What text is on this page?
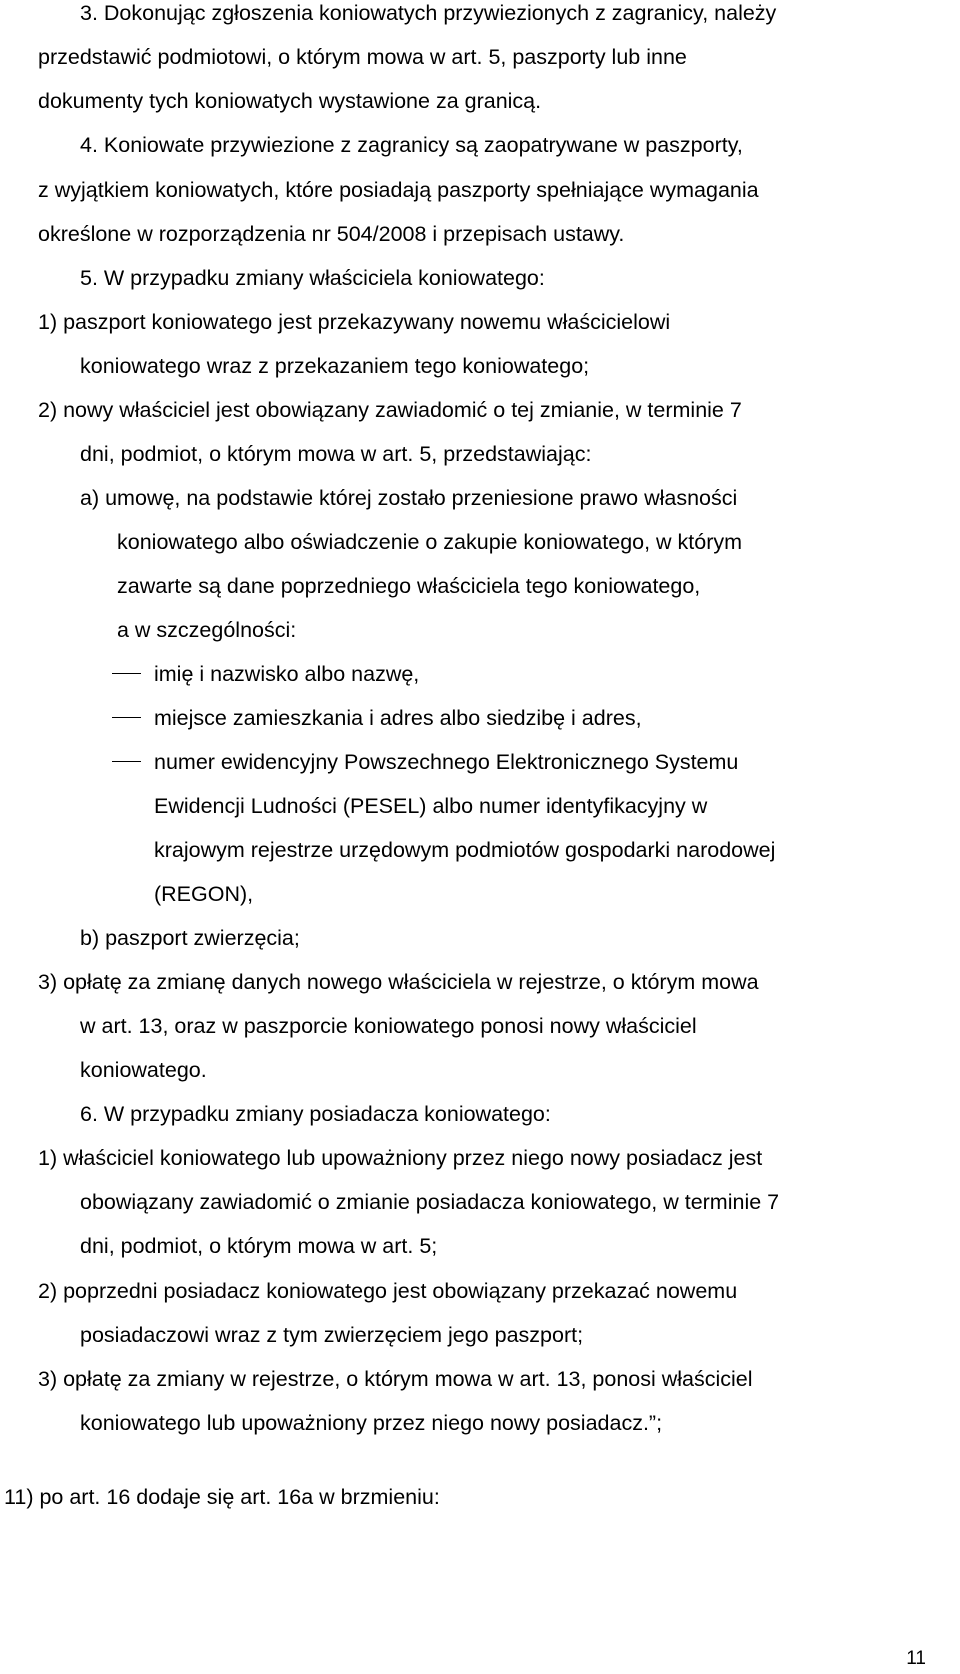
3. Dokonując zgłoszenia koniowatych przywiezionych z zagranicy, należy
przedstawić podmiotowi, o którym mowa w art. 5, paszporty lub inne
dokumenty tych koniowatych wystawione za granicą.
4. Koniowate przywiezione z zagranicy są zaopatrywane w paszporty,
z wyjątkiem koniowatych, które posiadają paszporty spełniające wymagania
określone w rozporządzenia nr 504/2008 i przepisach ustawy.
5. W przypadku zmiany właściciela koniowatego:
1) paszport koniowatego jest przekazywany nowemu właścicielowi
koniowatego wraz z przekazaniem tego koniowatego;
2) nowy właściciel jest obowiązany zawiadomić o tej zmianie, w terminie 7
dni, podmiot, o którym mowa w art. 5, przedstawiając:
a) umowę, na podstawie której zostało przeniesione prawo własności
koniowatego albo oświadczenie o zakupie koniowatego, w którym
zawarte są dane poprzedniego właściciela tego koniowatego,
a w szczególności:
imię i nazwisko albo nazwę,
miejsce zamieszkania i adres albo siedzibę i adres,
numer ewidencyjny Powszechnego Elektronicznego Systemu
Ewidencji Ludności (PESEL) albo numer identyfikacyjny w
krajowym rejestrze urzędowym podmiotów gospodarki narodowej
(REGON),
b) paszport zwierzęcia;
3) opłatę za zmianę danych nowego właściciela w rejestrze, o którym mowa
w art. 13, oraz w paszporcie koniowatego ponosi nowy właściciel
koniowatego.
6. W przypadku zmiany posiadacza koniowatego:
1) właściciel koniowatego lub upoważniony przez niego nowy posiadacz jest
obowiązany zawiadomić o zmianie posiadacza koniowatego, w terminie 7
dni, podmiot, o którym mowa w art. 5;
2) poprzedni posiadacz koniowatego jest obowiązany przekazać nowemu
posiadaczowi wraz z tym zwierzęciem jego paszport;
3) opłatę za zmiany w rejestrze, o którym mowa w art. 13, ponosi właściciel
koniowatego lub upoważniony przez niego nowy posiadacz.”;
11) po art. 16 dodaje się art. 16a w brzmieniu:
11
